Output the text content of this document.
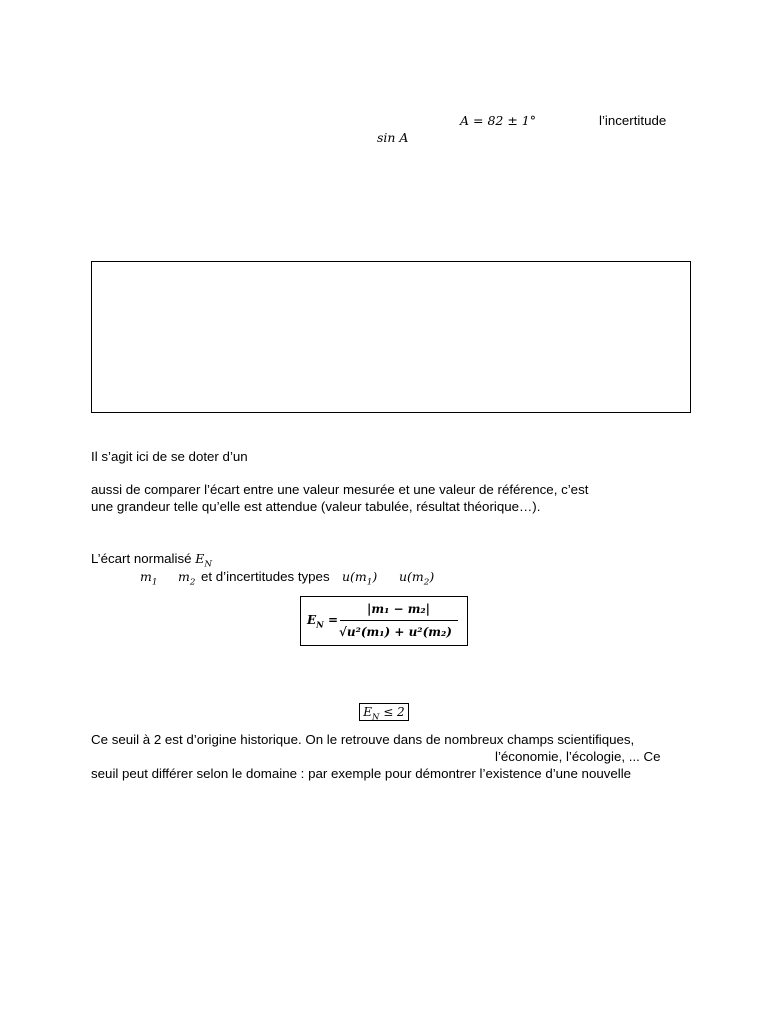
A = 82 ± 1°	l’incertitude
sin A
Il s’agit ici de se doter d’un
aussi de comparer l’écart entre une valeur mesurée et une valeur de référence, c’est
une grandeur telle qu’elle est attendue (valeur tabulée, résultat théorique…).
L’écart normalisé $E_N$
$m_1$ $m_2$ et d’incertitudes types $u(m_1)$ $u(m_2)$
$E_N$ =
|m₁ − m₂|
√u²(m₁) + u²(m₂)
$E_N \le 2$
Ce seuil à 2 est d’origine historique. On le retrouve dans de nombreux champs scientifiques,
l’économie, l’écologie, ... Ce
seuil peut différer selon le domaine : par exemple pour démontrer l’existence d’une nouvelle
